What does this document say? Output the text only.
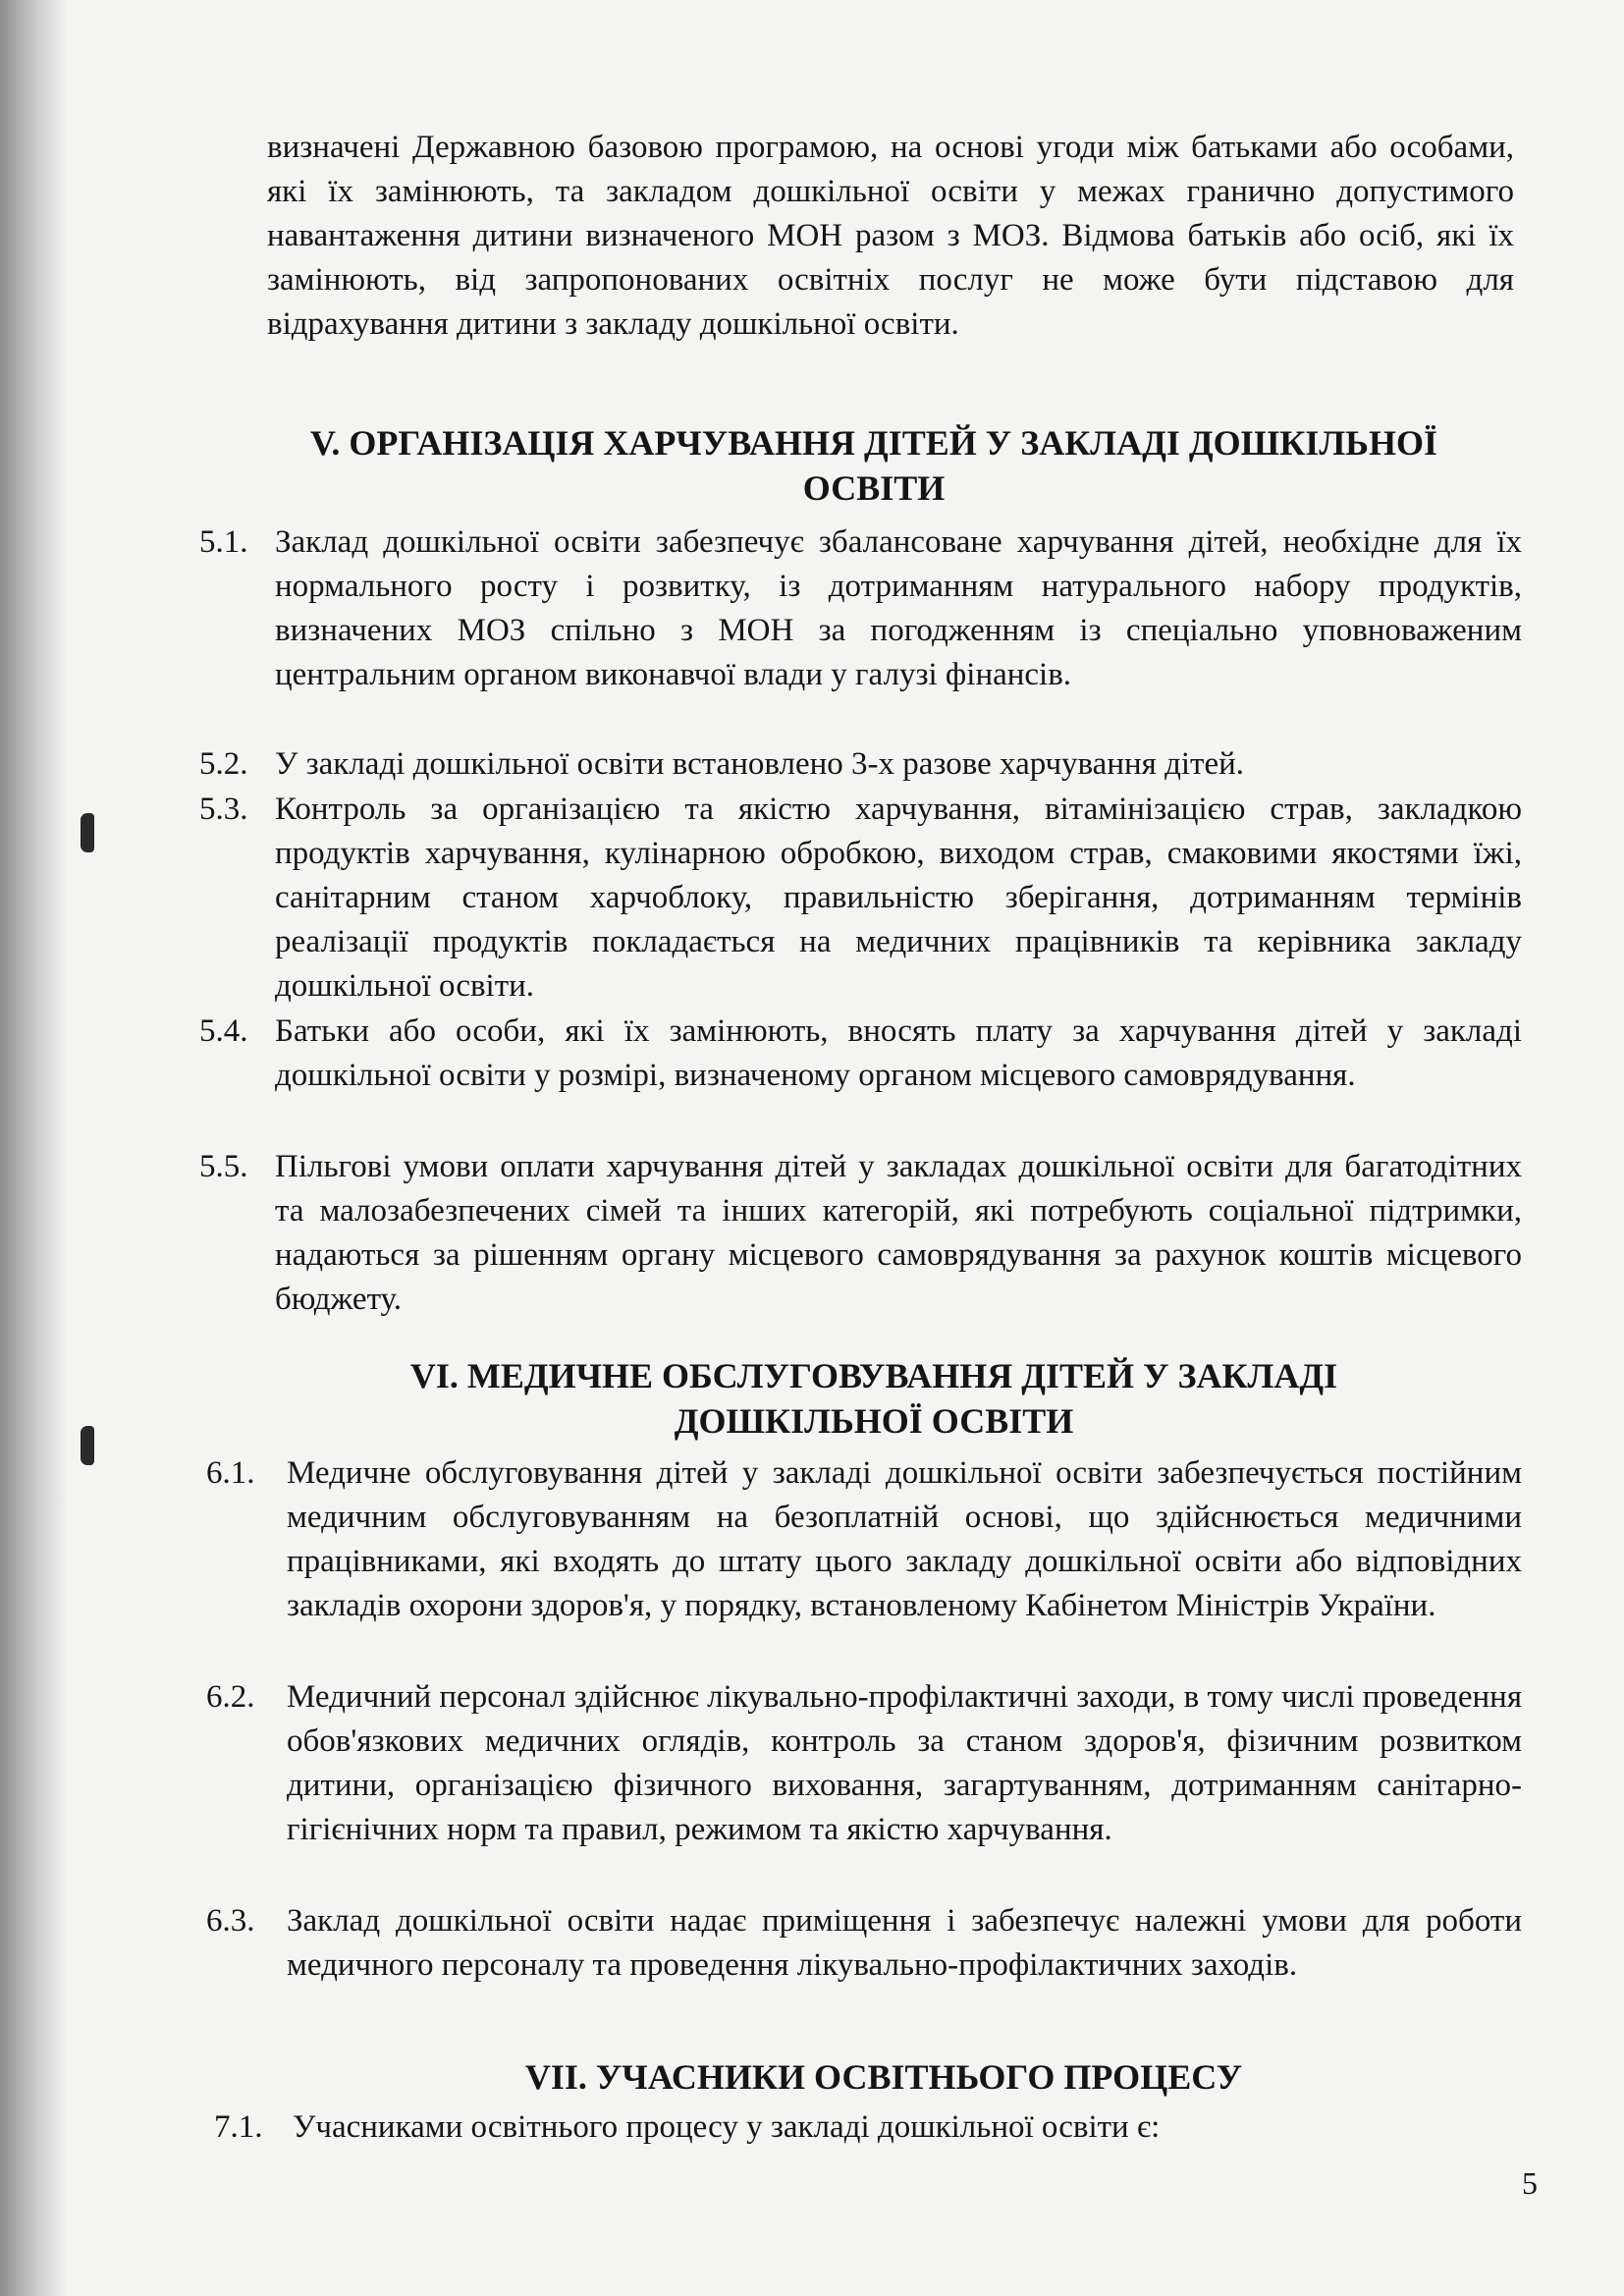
визначені Державною базовою програмою, на основі угоди між батьками або особами, які їх замінюють, та закладом дошкільної освіти у межах гранично допустимого навантаження дитини визначеного МОН разом з МОЗ. Відмова батьків або осіб, які їх замінюють, від запропонованих освітніх послуг не може бути підставою для відрахування дитини з закладу дошкільної освіти.

V. ОРГАНІЗАЦІЯ ХАРЧУВАННЯ ДІТЕЙ У ЗАКЛАДІ ДОШКІЛЬНОЇ
ОСВІТИ
5.1. Заклад дошкільної освіти забезпечує збалансоване харчування дітей, необхідне для їх нормального росту і розвитку, із дотриманням натурального набору продуктів, визначених МОЗ спільно з МОН за погодженням із спеціально уповноваженим центральним органом виконавчої влади у галузі фінансів.

5.2. У закладі дошкільної освіти встановлено 3-х разове харчування дітей.

5.3. Контроль за організацією та якістю харчування, вітамінізацією страв, закладкою продуктів харчування, кулінарною обробкою, виходом страв, смаковими якостями їжі, санітарним станом харчоблоку, правильністю зберігання, дотриманням термінів реалізації продуктів покладається на медичних працівників та керівника закладу дошкільної освіти.

5.4. Батьки або особи, які їх замінюють, вносять плату за харчування дітей у закладі дошкільної освіти у розмірі, визначеному органом місцевого самоврядування.

5.5. Пільгові умови оплати харчування дітей у закладах дошкільної освіти для багатодітних та малозабезпечених сімей та інших категорій, які потребують соціальної підтримки, надаються за рішенням органу місцевого самоврядування за рахунок коштів місцевого бюджету.

VI. МЕДИЧНЕ ОБСЛУГОВУВАННЯ ДІТЕЙ У ЗАКЛАДІ
ДОШКІЛЬНОЇ ОСВІТИ
6.1. Медичне обслуговування дітей у закладі дошкільної освіти забезпечується постійним медичним обслуговуванням на безоплатній основі, що здійснюється медичними працівниками, які входять до штату цього закладу дошкільної освіти або відповідних закладів охорони здоров'я, у порядку, встановленому Кабінетом Міністрів України.

6.2. Медичний персонал здійснює лікувально-профілактичні заходи, в тому числі проведення обов'язкових медичних оглядів, контроль за станом здоров'я, фізичним розвитком дитини, організацією фізичного виховання, загартуванням, дотриманням санітарно-гігієнічних норм та правил, режимом та якістю харчування.

6.3. Заклад дошкільної освіти надає приміщення і забезпечує належні умови для роботи медичного персоналу та проведення лікувально-профілактичних заходів.

VII. УЧАСНИКИ ОСВІТНЬОГО ПРОЦЕСУ
7.1. Учасниками освітнього процесу у закладі дошкільної освіти є:

5
